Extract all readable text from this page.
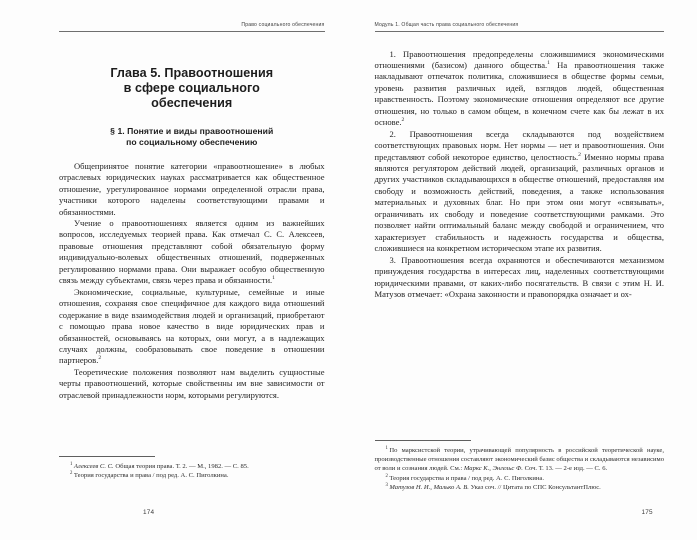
Право социального обеспечения
Глава 5. Правоотношения
в сфере социального
обеспечения
§ 1. Понятие и виды правоотношений
по социальному обеспечению

Общепринятое понятие категории «правоотношение» в любых отраслевых юридических науках рассматривается как общественное отношение, урегулированное нормами определенной отрасли права, участники которого наделены соответствующими правами и обязанностями.

Учение о правоотношениях является одним из важнейших вопросов, исследуемых теорией права. Как отмечал С. С. Алексеев, правовые отношения представляют собой обязательную форму индивидуально-волевых общественных отношений, подверженных регулированию нормами права. Они выражает особую общественную связь между субъектами, связь через права и обязанности.$^1$

Экономические, социальные, культурные, семейные и иные отношения, сохраняя свое специфичное для каждого вида отношений содержание в виде взаимодействия людей и организаций, приобретают с помощью права новое качество в виде юридических прав и обязанностей, основываясь на которых, они могут, а в надлежащих случаях должны, сообразовывать свое поведение в отношении партнеров.$^2$

Теоретические положения позволяют нам выделить сущностные черты правоотношений, которые свойственны им вне зависимости от отраслевой принадлежности норм, которыми регулируются.

$^1$ Алексеев С. С. Общая теория права. Т. 2. — М., 1982. — С. 85.

$^2$ Теория государства и права / под ред. А. С. Пиголкина.

174
Модуль 1. Общая часть права социального обеспечения

1. Правоотношения предопределены сложившимися экономическими отношениями (базисом) данного общества.$^1$ На правоотношения также накладывают отпечаток политика, сложившиеся в обществе формы семьи, уровень развития различных идей, взглядов людей, общественная нравственность. Поэтому экономические отношения определяют все другие отношения, но только в самом общем, в конечном счете как бы лежат в их основе.$^2$

2. Правоотношения всегда складываются под воздействием соответствующих правовых норм. Нет нормы — нет и правоотношения. Они представляют собой некоторое единство, целостность.$^2$ Именно нормы права являются регулятором действий людей, организаций, различных органов и других участников складывающихся в обществе отношений, предоставляя им свободу и возможность действий, поведения, а также использования материальных и духовных благ. Но при этом они могут «связывать», ограничивать их свободу и поведение соответствующими рамками. Это позволяет найти оптимальный баланс между свободой и ограничением, что характеризует стабильность и надежность государства и общества, сложившиеся на конкретном историческом этапе их развития.

3. Правоотношения всегда охраняются и обеспечиваются механизмом принуждения государства в интересах лиц, наделенных соответствующими юридическими правами, от каких-либо посягательств. В связи с этим Н. И. Матузов отмечает: «Охрана законности и правопорядка означает и ох-

$^1$ По марксистской теории, утрачивающей популярность в российской теоретической науке, производственные отношения составляют экономический базис общества и складываются независимо от воли и сознания людей. См.: Маркс К., Энгельс Ф. Соч. Т. 13. — 2-е изд. — С. 6.

$^2$ Теория государства и права / под ред. А. С. Пиголкина.

$^3$ Матузов Н. И., Малько А. В. Указ соч. // Цитата по СПС КонсультантПлюс.

175
